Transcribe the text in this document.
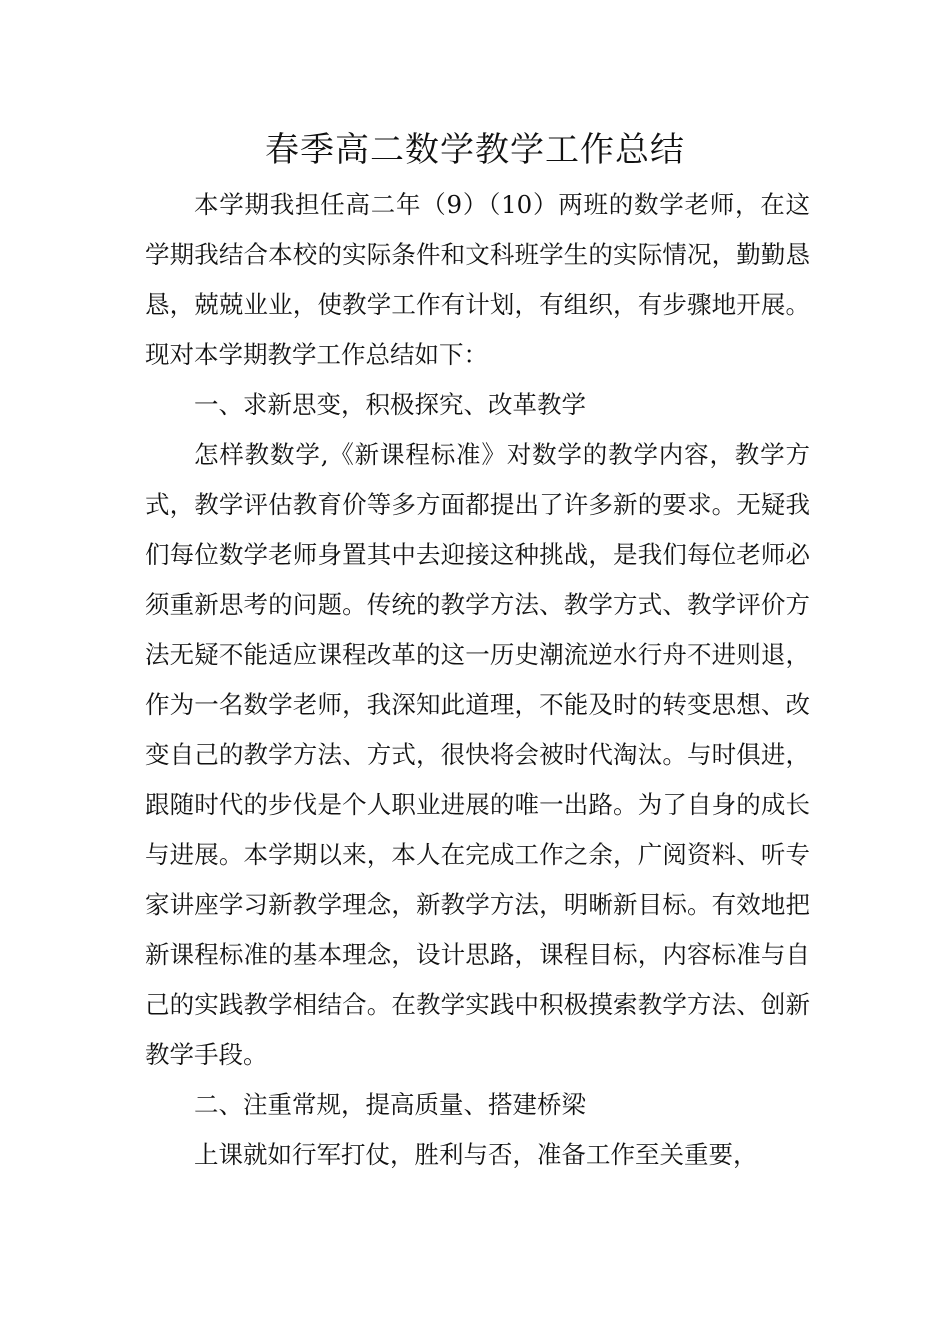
春季高二数学教学工作总结

本学期我担任高二年（9）（10）两班的数学老师，在这学期我结合本校的实际条件和文科班学生的实际情况，勤勤恳恳，兢兢业业，使教学工作有计划，有组织，有步骤地开展。现对本学期教学工作总结如下：

一、求新思变，积极探究、改革教学

怎样教数学,《新课程标准》对数学的教学内容，教学方式，教学评估教育价等多方面都提出了许多新的要求。无疑我们每位数学老师身置其中去迎接这种挑战，是我们每位老师必须重新思考的问题。传统的教学方法、教学方式、教学评价方法无疑不能适应课程改革的这一历史潮流逆水行舟不进则退，作为一名数学老师，我深知此道理，不能及时的转变思想、改变自己的教学方法、方式，很快将会被时代淘汰。与时俱进，跟随时代的步伐是个人职业进展的唯一出路。为了自身的成长与进展。本学期以来，本人在完成工作之余，广阅资料、听专家讲座学习新教学理念，新教学方法，明晰新目标。有效地把新课程标准的基本理念，设计思路，课程目标，内容标准与自己的实践教学相结合。在教学实践中积极摸索教学方法、创新教学手段。

二、注重常规，提高质量、搭建桥梁

上课就如行军打仗，胜利与否，准备工作至关重要，
